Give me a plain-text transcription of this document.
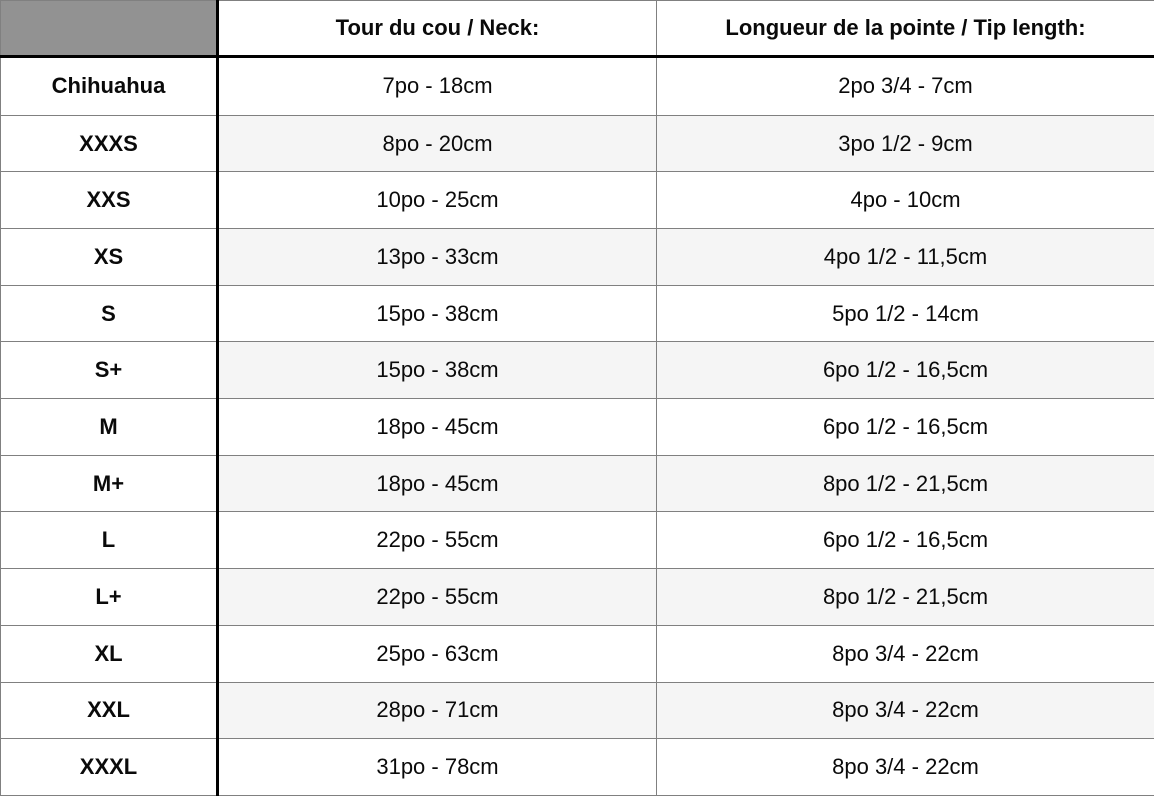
	Tour du cou / Neck:	Longueur de la pointe / Tip length:
Chihuahua	7po - 18cm	2po 3/4 - 7cm
XXXS	8po - 20cm	3po 1/2 - 9cm
XXS	10po - 25cm	4po - 10cm
XS	13po - 33cm	4po 1/2 - 11,5cm
S	15po - 38cm	5po 1/2 - 14cm
S+	15po - 38cm	6po 1/2 - 16,5cm
M	18po - 45cm	6po 1/2 - 16,5cm
M+	18po - 45cm	8po 1/2 - 21,5cm
L	22po - 55cm	6po 1/2 - 16,5cm
L+	22po - 55cm	8po 1/2 - 21,5cm
XL	25po - 63cm	8po 3/4 - 22cm
XXL	28po - 71cm	8po 3/4 - 22cm
XXXL	31po - 78cm	8po 3/4 - 22cm
